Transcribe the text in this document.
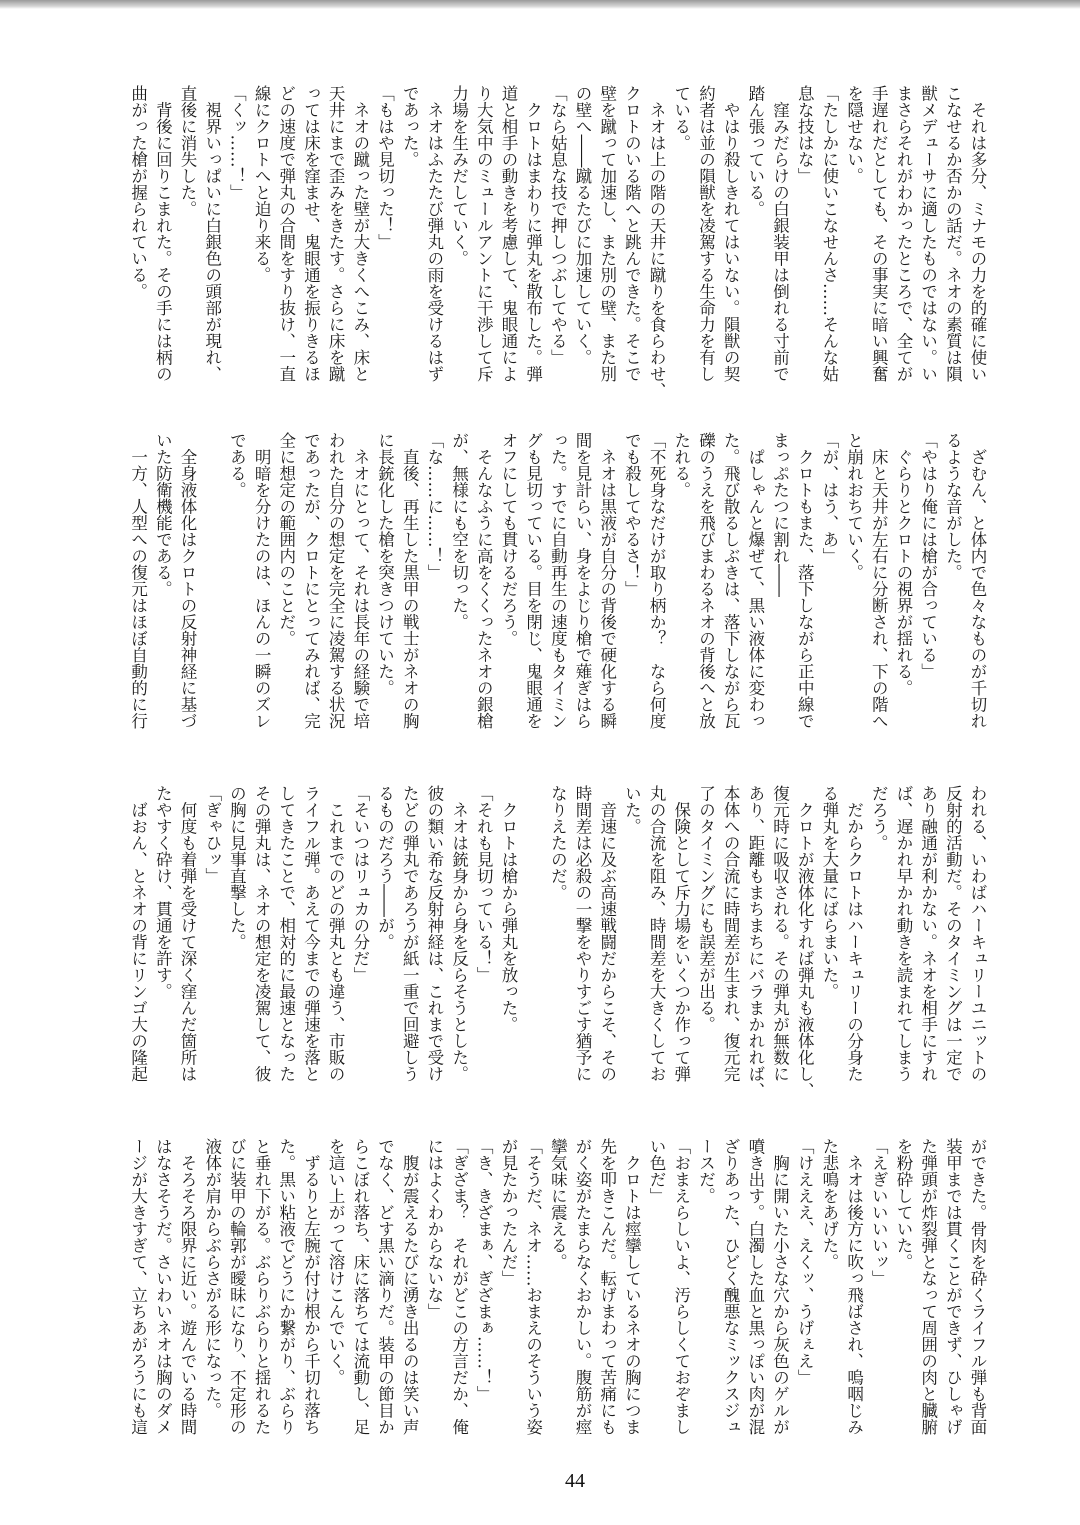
　それは多分、ミナモの力を的確に使い
こなせるか否かの話だ。ネオの素質は隕
獣メデューサに適したものではない。い
まさらそれがわかったところで、全てが
手遅れだとしても、その事実に暗い興奮
を隠せない。
「たしかに使いこなせんさ……そんな姑
息な技はな」
　窪みだらけの白銀装甲は倒れる寸前で
踏ん張っている。
　やはり殺しきれてはいない。隕獣の契
約者は並の隕獣を凌駕する生命力を有し
ている。
　ネオは上の階の天井に蹴りを食らわせ、
クロトのいる階へと跳んできた。そこで
壁を蹴って加速し、また別の壁、また別
の壁へ――蹴るたびに加速していく。
「なら姑息な技で押しつぶしてやる」
　クロトはまわりに弾丸を散布した。弾
道と相手の動きを考慮して、鬼眼通によ
り大気中のミュールアントに干渉して斥
力場を生みだしていく。
　ネオはふたたび弾丸の雨を受けるはず
であった。
「もはや見切った！」
　ネオの蹴った壁が大きくへこみ、床と
天井にまで歪みをきたす。さらに床を蹴
っては床を窪ませ、鬼眼通を振りきるほ
どの速度で弾丸の合間をすり抜け、一直
線にクロトへと迫り来る。
「くッ……！」
　視界いっぱいに白銀色の頭部が現れ、
直後に消失した。
　背後に回りこまれた。その手には柄の
曲がった槍が握られている。
　ざむん、と体内で色々なものが千切れ
るような音がした。
「やはり俺には槍が合っている」
　ぐらりとクロトの視界が揺れる。
　床と天井が左右に分断され、下の階へ
と崩れおちていく。
「が、はう、あ」
　クロトもまた、落下しながら正中線で
まっぷたつに割れ――
　ぱしゃんと爆ぜて、黒い液体に変わっ
た。飛び散るしぶきは、落下しながら瓦
礫のうえを飛びまわるネオの背後へと放
たれる。
「不死身なだけが取り柄か？　なら何度
でも殺してやるさ！」
　ネオは黒液が自分の背後で硬化する瞬
間を見計らい、身をよじり槍で薙ぎはら
った。すでに自動再生の速度もタイミン
グも見切っている。目を閉じ、鬼眼通を
オフにしても貫けるだろう。
　そんなふうに高をくくったネオの銀槍
が、無様にも空を切った。
「な……に……！」
　直後、再生した黒甲の戦士がネオの胸
に長銃化した槍を突きつけていた。
　ネオにとって、それは長年の経験で培
われた自分の想定を完全に凌駕する状況
であったが、クロトにとってみれば、完
全に想定の範囲内のことだ。
　明暗を分けたのは、ほんの一瞬のズレ
である。
　全身液体化はクロトの反射神経に基づ
いた防衛機能である。
　一方、人型への復元はほぼ自動的に行
われる、いわばハーキュリーユニットの
反射的活動だ。そのタイミングは一定で
あり融通が利かない。ネオを相手にすれ
ば、遅かれ早かれ動きを読まれてしまう
だろう。
　だからクロトはハーキュリーの分身た
る弾丸を大量にばらまいた。
　クロトが液体化すれば弾丸も液体化し、
復元時に吸収される。その弾丸が無数に
あり、距離もまちまちにバラまかれれば、
本体への合流に時間差が生まれ、復元完
了のタイミングにも誤差が出る。
　保険として斥力場をいくつか作って弾
丸の合流を阻み、時間差を大きくしてお
いた。
　音速に及ぶ高速戦闘だからこそ、その
時間差は必殺の一撃をやりすごす猶予に
なりえたのだ。
　クロトは槍から弾丸を放った。
「それも見切っている！」
　ネオは銃身から身を反らそうとした。
彼の類い希な反射神経は、これまで受け
たどの弾丸であろうが紙一重で回避しう
るものだろう――が。
「そいつはリュカの分だ」
　これまでのどの弾丸とも違う、市販の
ライフル弾。あえて今までの弾速を落と
してきたことで、相対的に最速となった
その弾丸は、ネオの想定を凌駕して、彼
の胸に見事直撃した。
「ぎゃひッ」
　何度も着弾を受けて深く窪んだ箇所は
たやすく砕け、貫通を許す。
　ばおん、とネオの背にリンゴ大の隆起
ができた。骨肉を砕くライフル弾も背面
装甲までは貫くことができず、ひしゃげ
た弾頭が炸裂弾となって周囲の肉と臓腑
を粉砕していた。
「えぎいいいいッ」
　ネオは後方に吹っ飛ばされ、嗚咽じみ
た悲鳴をあげた。
「けえええ、えくッ、うげぇえ」
　胸に開いた小さな穴から灰色のゲルが
噴き出す。白濁した血と黒っぽい肉が混
ざりあった、ひどく醜悪なミックスジュ
ースだ。
「おまえらしいよ、汚らしくておぞまし
い色だ」
　クロトは痙攣しているネオの胸につま
先を叩きこんだ。転げまわって苦痛にも
がく姿がたまらなくおかしい。腹筋が痙
攣気味に震える。
「そうだ、ネオ……おまえのそういう姿
が見たかったんだ」
「き、きざまぁ、ぎざまぁ……！」
「ぎざま？　それがどこの方言だか、俺
にはよくわからないな」
　腹が震えるたびに湧き出るのは笑い声
でなく、どす黒い滴りだ。装甲の節目か
らこぼれ落ち、床に落ちては流動し、足
を這い上がって溶けこんでいく。
　ずるりと左腕が付け根から千切れ落ち
た。黒い粘液でどうにか繋がり、ぶらり
と垂れ下がる。ぶらりぶらりと揺れるた
びに装甲の輪郭が曖昧になり、不定形の
液体が肩からぶらさがる形になった。
　そろそろ限界に近い。遊んでいる時間
はなさそうだ。さいわいネオは胸のダメ
ージが大きすぎて、立ちあがろうにも這
44
